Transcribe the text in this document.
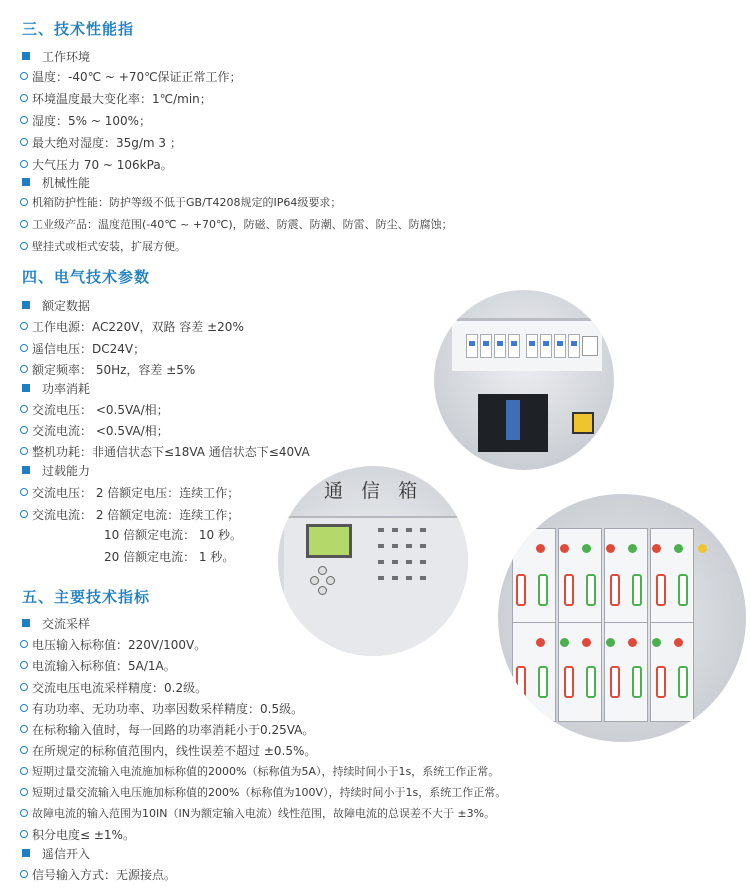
三、技术性能指
工作环境
温度：-40℃ ~ +70℃保证正常工作；
环境温度最大变化率：1℃/min；
湿度：5% ~ 100%；
最大绝对湿度：35g/m 3 ；
大气压力 70 ~ 106kPa。
机械性能
机箱防护性能：防护等级不低于GB/T4208规定的IP64级要求；
工业级产品：温度范围(-40℃ ~ +70℃)，防磁、防震、防潮、防雷、防尘、防腐蚀；
壁挂式或柜式安装，扩展方便。
四、电气技术参数
额定数据
工作电源：AC220V，双路 容差 ±20%
遥信电压：DC24V；
额定频率： 50Hz，容差 ±5%
功率消耗
交流电压： <0.5VA/相；
交流电流： <0.5VA/相；
整机功耗：非通信状态下≤18VA 通信状态下≤40VA
过载能力
交流电压： 2 倍额定电压：连续工作；
交流电流： 2 倍额定电流：连续工作；
10 倍额定电流： 10 秒。
20 倍额定电流： 1 秒。
五、主要技术指标
交流采样
电压输入标称值：220V/100V。
电流输入标称值：5A/1A。
交流电压电流采样精度：0.2级。
有功功率、无功功率、功率因数采样精度：0.5级。
在标称输入值时，每一回路的功率消耗小于0.25VA。
在所规定的标称值范围内，线性误差不超过 ±0.5%。
短期过量交流输入电流施加标称值的2000%（标称值为5A），持续时间小于1s，系统工作正常。
短期过量交流输入电压施加标称值的200%（标称值为100V），持续时间小于1s，系统工作正常。
故障电流的输入范围为10IN（IN为额定输入电流）线性范围，故障电流的总误差不大于 ±3%。
积分电度≤ ±1%。
遥信开入
信号输入方式：无源接点。
通 信 箱
